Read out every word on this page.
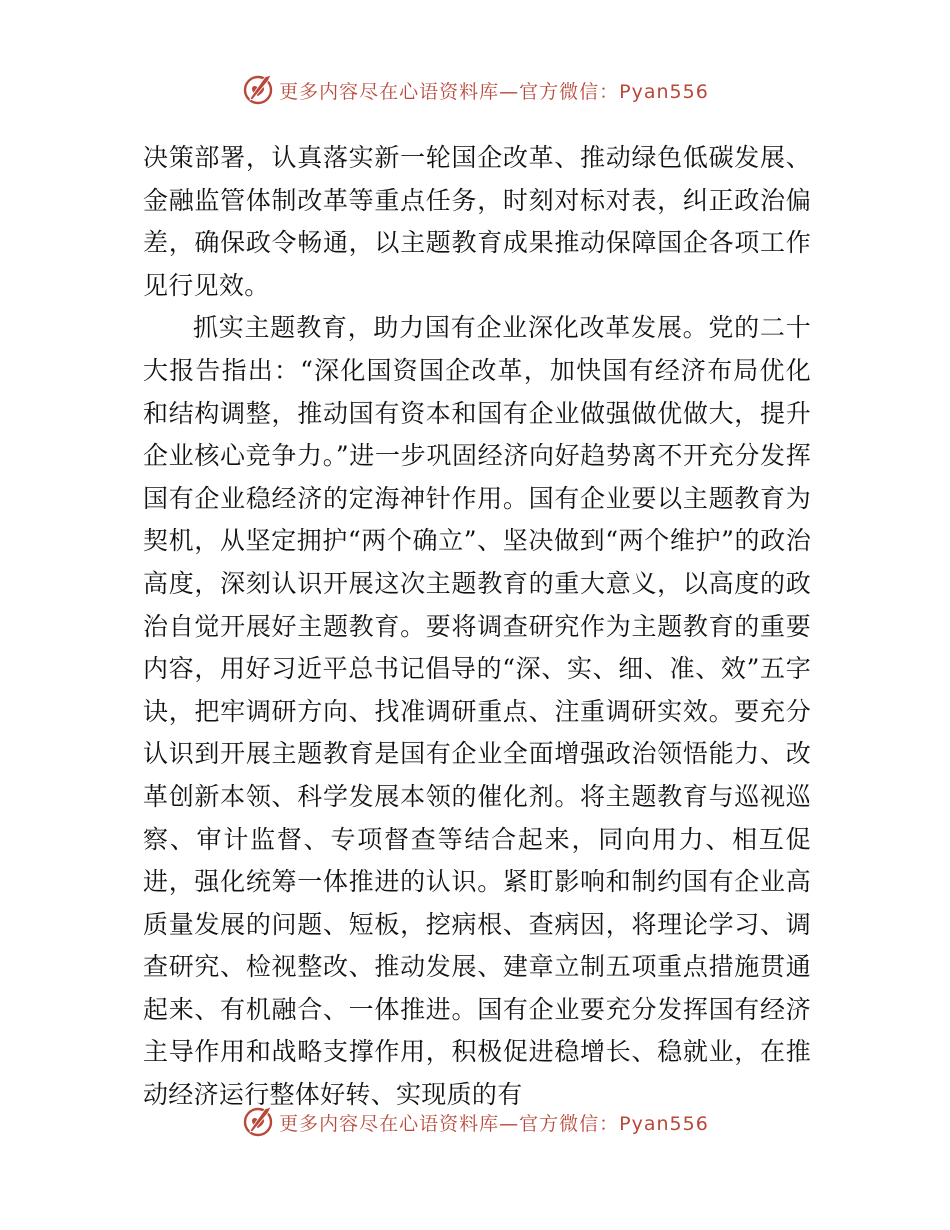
更多内容尽在心语资料库—官方微信：Pyan556

决策部署，认真落实新一轮国企改革、推动绿色低碳发展、金融监管体制改革等重点任务，时刻对标对表，纠正政治偏差，确保政令畅通，以主题教育成果推动保障国企各项工作见行见效。

抓实主题教育，助力国有企业深化改革发展。党的二十大报告指出：“深化国资国企改革，加快国有经济布局优化和结构调整，推动国有资本和国有企业做强做优做大，提升企业核心竞争力。”进一步巩固经济向好趋势离不开充分发挥国有企业稳经济的定海神针作用。国有企业要以主题教育为契机，从坚定拥护“两个确立”、坚决做到“两个维护”的政治高度，深刻认识开展这次主题教育的重大意义，以高度的政治自觉开展好主题教育。要将调查研究作为主题教育的重要内容，用好习近平总书记倡导的“深、实、细、准、效”五字诀，把牢调研方向、找准调研重点、注重调研实效。要充分认识到开展主题教育是国有企业全面增强政治领悟能力、改革创新本领、科学发展本领的催化剂。将主题教育与巡视巡察、审计监督、专项督查等结合起来，同向用力、相互促进，强化统筹一体推进的认识。紧盯影响和制约国有企业高质量发展的问题、短板，挖病根、查病因，将理论学习、调查研究、检视整改、推动发展、建章立制五项重点措施贯通起来、有机融合、一体推进。国有企业要充分发挥国有经济主导作用和战略支撑作用，积极促进稳增长、稳就业，在推动经济运行整体好转、实现质的有

更多内容尽在心语资料库—官方微信：Pyan556
